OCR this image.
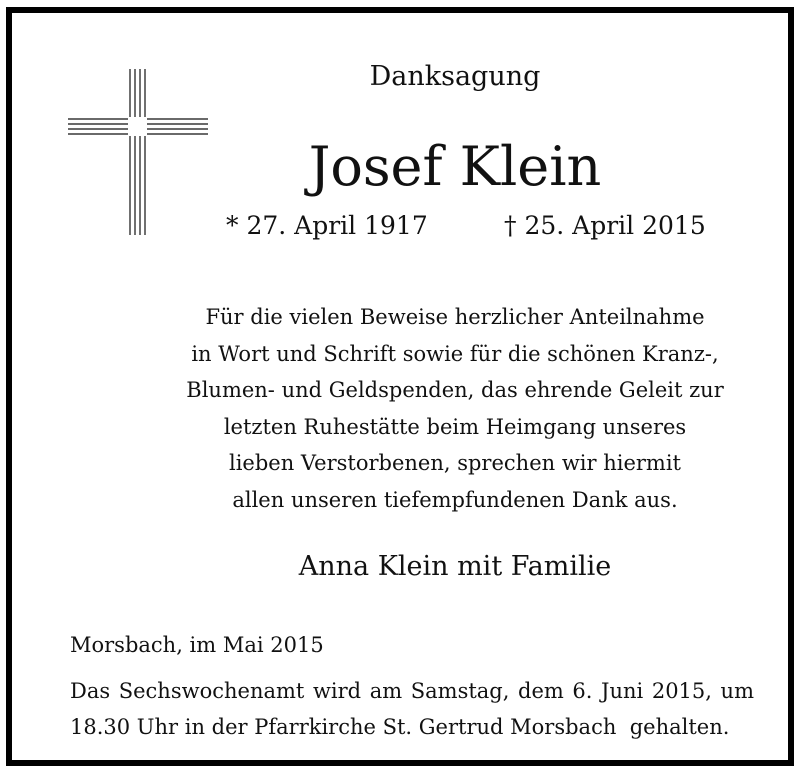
Danksagung
Josef Klein
* 27. April 1917	† 25. April 2015
Für die vielen Beweise herzlicher Anteilnahme
in Wort und Schrift sowie für die schönen Kranz-,
Blumen- und Geldspenden, das ehrende Geleit zur
letzten Ruhestätte beim Heimgang unseres
lieben Verstorbenen, sprechen wir hiermit
allen unseren tiefempfundenen Dank aus.
Anna Klein mit Familie
Morsbach, im Mai 2015
Das Sechswochenamt wird am Samstag, dem 6. Juni 2015, um
18.30 Uhr in der Pfarrkirche St. Gertrud Morsbach  gehalten.
